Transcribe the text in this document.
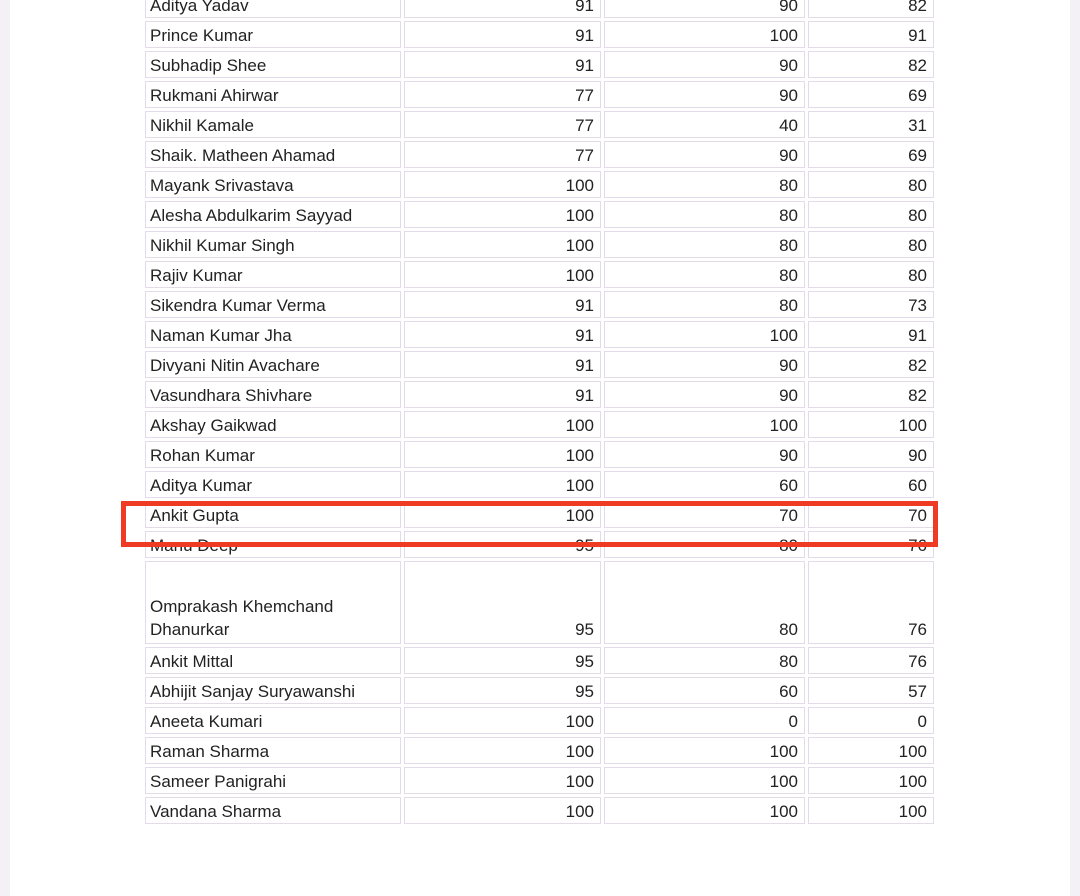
Aditya Yadav	91	90	82
Prince Kumar	91	100	91
Subhadip Shee	91	90	82
Rukmani Ahirwar	77	90	69
Nikhil Kamale	77	40	31
Shaik. Matheen Ahamad	77	90	69
Mayank Srivastava	100	80	80
Alesha Abdulkarim Sayyad	100	80	80
Nikhil Kumar Singh	100	80	80
Rajiv Kumar	100	80	80
Sikendra Kumar Verma	91	80	73
Naman Kumar Jha	91	100	91
Divyani Nitin Avachare	91	90	82
Vasundhara Shivhare	91	90	82
Akshay Gaikwad	100	100	100
Rohan Kumar	100	90	90
Aditya Kumar	100	60	60
Ankit Gupta	100	70	70
Manu Deep	95	80	76
Omprakash Khemchand Dhanurkar	95	80	76
Ankit Mittal	95	80	76
Abhijit Sanjay Suryawanshi	95	60	57
Aneeta Kumari	100	0	0
Raman Sharma	100	100	100
Sameer Panigrahi	100	100	100
Vandana Sharma	100	100	100
